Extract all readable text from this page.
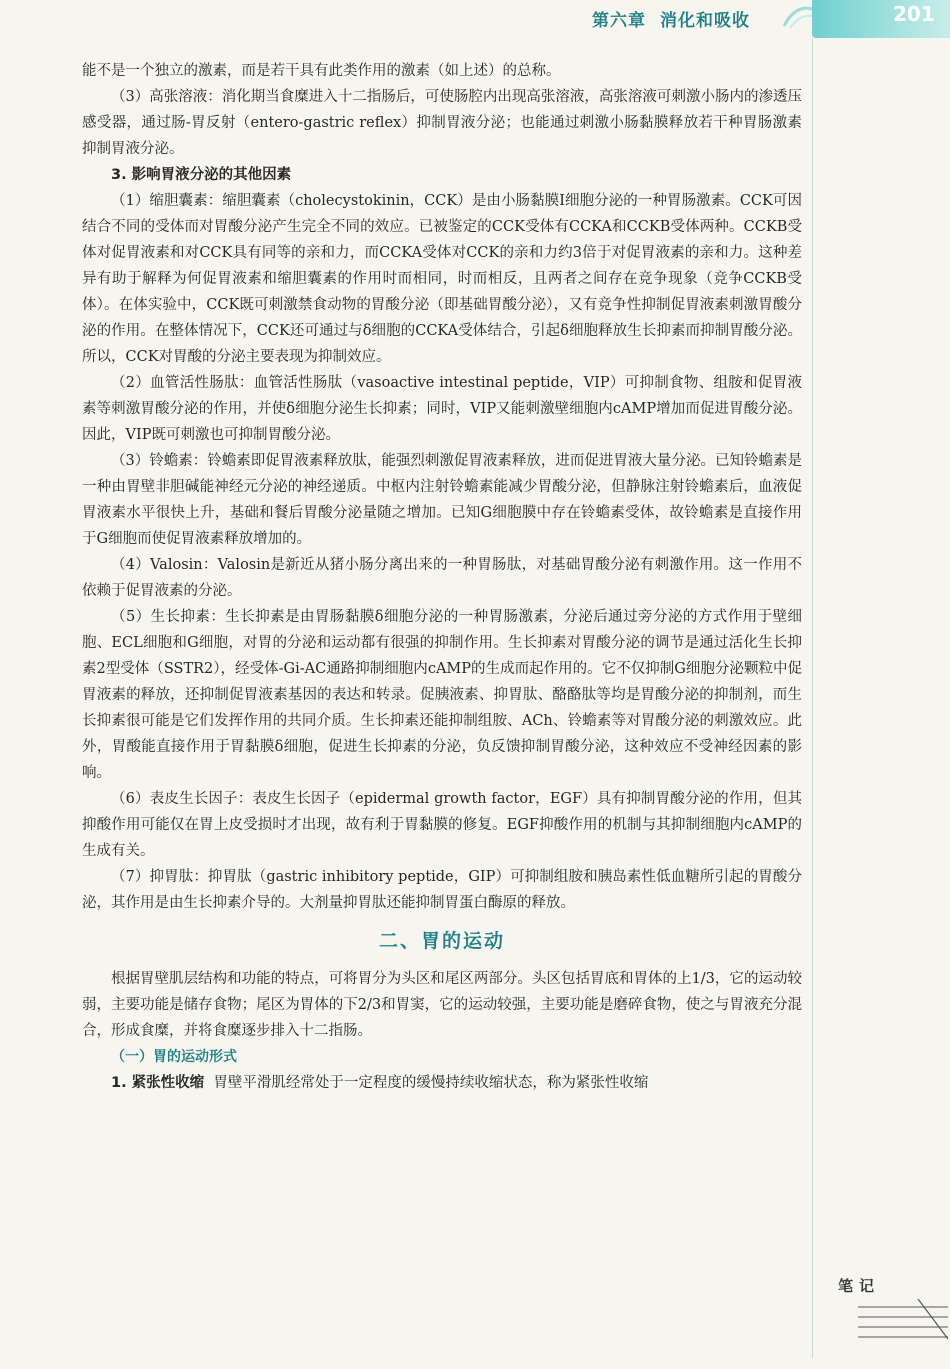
第六章 消化和吸收	201

能不是一个独立的激素，而是若干具有此类作用的激素（如上述）的总称。

（3）高张溶液：消化期当食糜进入十二指肠后，可使肠腔内出现高张溶液，高张溶液可刺激小肠内的渗透压感受器，通过肠-胃反射（entero-gastric reflex）抑制胃液分泌；也能通过刺激小肠黏膜释放若干种胃肠激素抑制胃液分泌。

3. 影响胃液分泌的其他因素

（1）缩胆囊素：缩胆囊素（cholecystokinin，CCK）是由小肠黏膜Ⅰ细胞分泌的一种胃肠激素。CCK可因结合不同的受体而对胃酸分泌产生完全不同的效应。已被鉴定的CCK受体有CCKA和CCKB受体两种。CCKB受体对促胃液素和对CCK具有同等的亲和力，而CCKA受体对CCK的亲和力约3倍于对促胃液素的亲和力。这种差异有助于解释为何促胃液素和缩胆囊素的作用时而相同，时而相反，且两者之间存在竞争现象（竞争CCKB受体）。在体实验中，CCK既可刺激禁食动物的胃酸分泌（即基础胃酸分泌），又有竞争性抑制促胃液素刺激胃酸分泌的作用。在整体情况下，CCK还可通过与δ细胞的CCKA受体结合，引起δ细胞释放生长抑素而抑制胃酸分泌。所以，CCK对胃酸的分泌主要表现为抑制效应。

（2）血管活性肠肽：血管活性肠肽（vasoactive intestinal peptide，VIP）可抑制食物、组胺和促胃液素等刺激胃酸分泌的作用，并使δ细胞分泌生长抑素；同时，VIP又能刺激壁细胞内cAMP增加而促进胃酸分泌。因此，VIP既可刺激也可抑制胃酸分泌。

（3）铃蟾素：铃蟾素即促胃液素释放肽，能强烈刺激促胃液素释放，进而促进胃液大量分泌。已知铃蟾素是一种由胃壁非胆碱能神经元分泌的神经递质。中枢内注射铃蟾素能减少胃酸分泌，但静脉注射铃蟾素后，血液促胃液素水平很快上升，基础和餐后胃酸分泌量随之增加。已知G细胞膜中存在铃蟾素受体，故铃蟾素是直接作用于G细胞而使促胃液素释放增加的。

（4）Valosin：Valosin是新近从猪小肠分离出来的一种胃肠肽，对基础胃酸分泌有刺激作用。这一作用不依赖于促胃液素的分泌。

（5）生长抑素：生长抑素是由胃肠黏膜δ细胞分泌的一种胃肠激素，分泌后通过旁分泌的方式作用于壁细胞、ECL细胞和G细胞，对胃的分泌和运动都有很强的抑制作用。生长抑素对胃酸分泌的调节是通过活化生长抑素2型受体（SSTR2），经受体-Gi-AC通路抑制细胞内cAMP的生成而起作用的。它不仅抑制G细胞分泌颗粒中促胃液素的释放，还抑制促胃液素基因的表达和转录。促胰液素、抑胃肽、酪酪肽等均是胃酸分泌的抑制剂，而生长抑素很可能是它们发挥作用的共同介质。生长抑素还能抑制组胺、ACh、铃蟾素等对胃酸分泌的刺激效应。此外，胃酸能直接作用于胃黏膜δ细胞，促进生长抑素的分泌，负反馈抑制胃酸分泌，这种效应不受神经因素的影响。

（6）表皮生长因子：表皮生长因子（epidermal growth factor，EGF）具有抑制胃酸分泌的作用，但其抑酸作用可能仅在胃上皮受损时才出现，故有利于胃黏膜的修复。EGF抑酸作用的机制与其抑制细胞内cAMP的生成有关。

（7）抑胃肽：抑胃肽（gastric inhibitory peptide，GIP）可抑制组胺和胰岛素性低血糖所引起的胃酸分泌，其作用是由生长抑素介导的。大剂量抑胃肽还能抑制胃蛋白酶原的释放。

二、胃的运动

根据胃壁肌层结构和功能的特点，可将胃分为头区和尾区两部分。头区包括胃底和胃体的上1/3，它的运动较弱，主要功能是储存食物；尾区为胃体的下2/3和胃窦，它的运动较强，主要功能是磨碎食物，使之与胃液充分混合，形成食糜，并将食糜逐步排入十二指肠。

（一）胃的运动形式

1. 紧张性收缩 胃壁平滑肌经常处于一定程度的缓慢持续收缩状态，称为紧张性收缩

笔记
